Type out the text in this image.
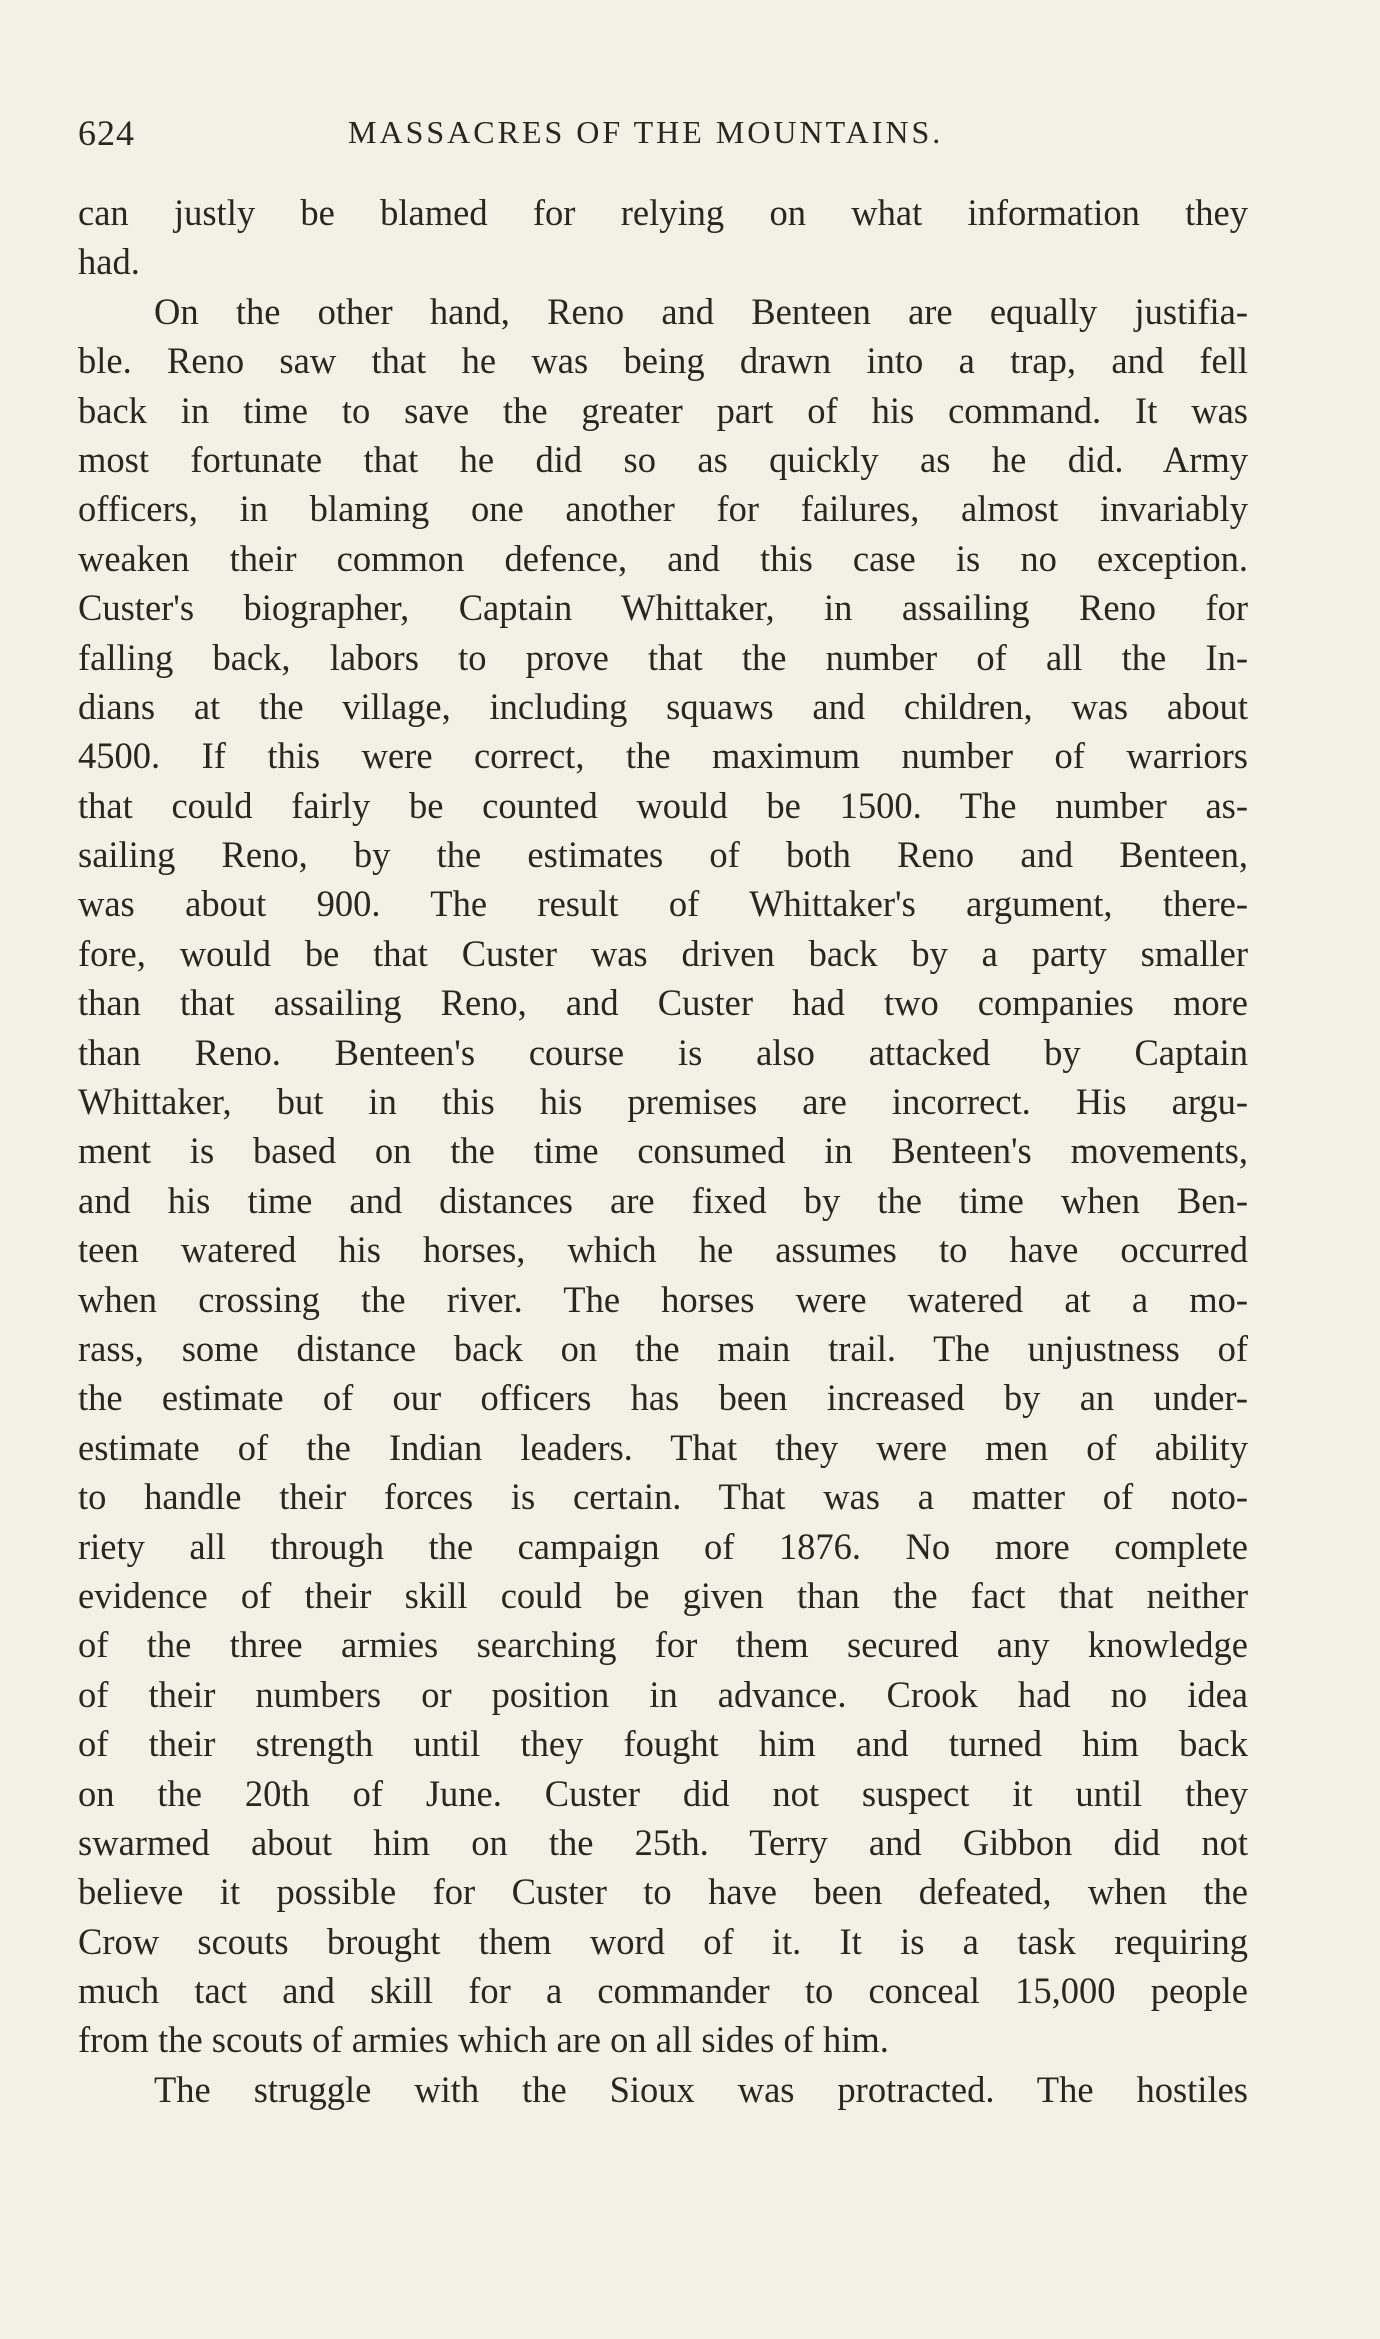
624	MASSACRES OF THE MOUNTAINS.
can justly be blamed for relying on what information they
had.
On the other hand, Reno and Benteen are equally justifia-
ble. Reno saw that he was being drawn into a trap, and fell
back in time to save the greater part of his command. It was
most fortunate that he did so as quickly as he did. Army
officers, in blaming one another for failures, almost invariably
weaken their common defence, and this case is no exception.
Custer's biographer, Captain Whittaker, in assailing Reno for
falling back, labors to prove that the number of all the In-
dians at the village, including squaws and children, was about
4500. If this were correct, the maximum number of warriors
that could fairly be counted would be 1500. The number as-
sailing Reno, by the estimates of both Reno and Benteen,
was about 900. The result of Whittaker's argument, there-
fore, would be that Custer was driven back by a party smaller
than that assailing Reno, and Custer had two companies more
than Reno. Benteen's course is also attacked by Captain
Whittaker, but in this his premises are incorrect. His argu-
ment is based on the time consumed in Benteen's movements,
and his time and distances are fixed by the time when Ben-
teen watered his horses, which he assumes to have occurred
when crossing the river. The horses were watered at a mo-
rass, some distance back on the main trail. The unjustness of
the estimate of our officers has been increased by an under-
estimate of the Indian leaders. That they were men of ability
to handle their forces is certain. That was a matter of noto-
riety all through the campaign of 1876. No more complete
evidence of their skill could be given than the fact that neither
of the three armies searching for them secured any knowledge
of their numbers or position in advance. Crook had no idea
of their strength until they fought him and turned him back
on the 20th of June. Custer did not suspect it until they
swarmed about him on the 25th. Terry and Gibbon did not
believe it possible for Custer to have been defeated, when the
Crow scouts brought them word of it. It is a task requiring
much tact and skill for a commander to conceal 15,000 people
from the scouts of armies which are on all sides of him.
The struggle with the Sioux was protracted. The hostiles
